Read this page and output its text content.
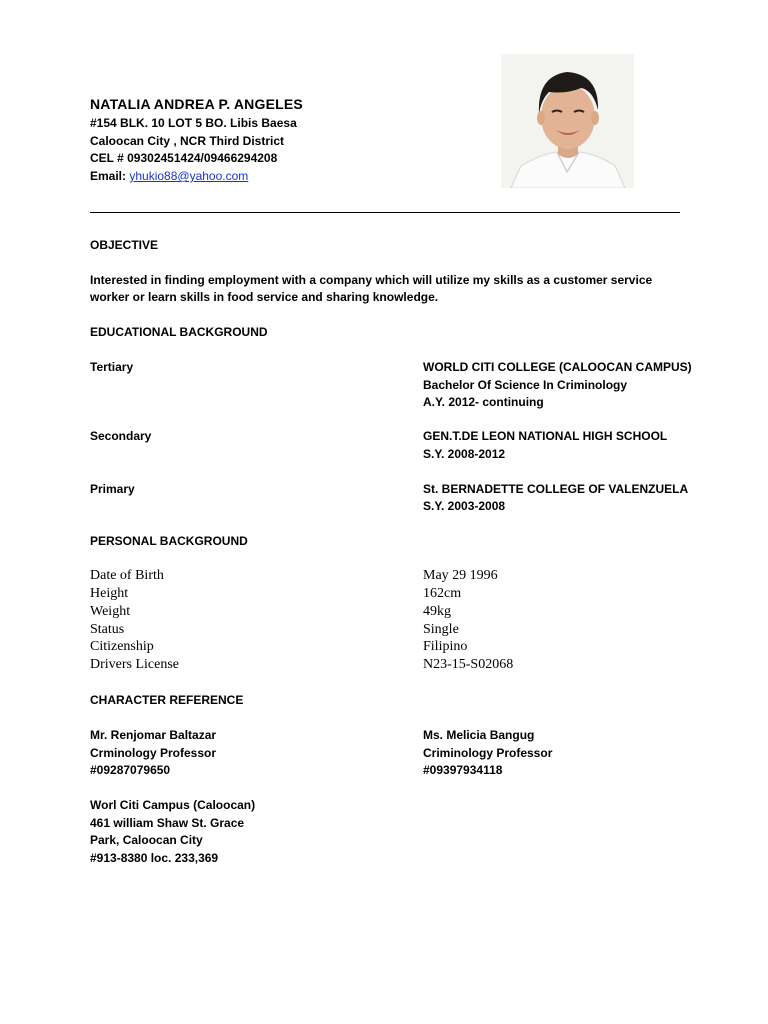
NATALIA ANDREA P. ANGELES
#154 BLK. 10 LOT 5 BO. Libis Baesa
Caloocan City , NCR Third District
CEL # 09302451424/09466294208
Email: yhukio88@yahoo.com
OBJECTIVE
Interested in finding employment with a company which will utilize my skills as a customer service
worker or learn skills in food service and sharing knowledge.
EDUCATIONAL BACKGROUND
Tertiary	WORLD CITI COLLEGE (CALOOCAN CAMPUS)
Bachelor Of Science In Criminology
A.Y. 2012- continuing
Secondary	GEN.T.DE LEON NATIONAL HIGH SCHOOL
S.Y. 2008-2012
Primary	St. BERNADETTE COLLEGE OF VALENZUELA
S.Y. 2003-2008
PERSONAL BACKGROUND
Date of Birth	May 29 1996
Height	162cm
Weight	49kg
Status	Single
Citizenship	Filipino
Drivers License	N23-15-S02068
CHARACTER REFERENCE
Mr. Renjomar Baltazar
Crminology Professor
#09287079650
Ms. Melicia Bangug
Criminology Professor
#09397934118
Worl Citi Campus (Caloocan)
461 william Shaw St. Grace
Park, Caloocan City
#913-8380 loc. 233,369
